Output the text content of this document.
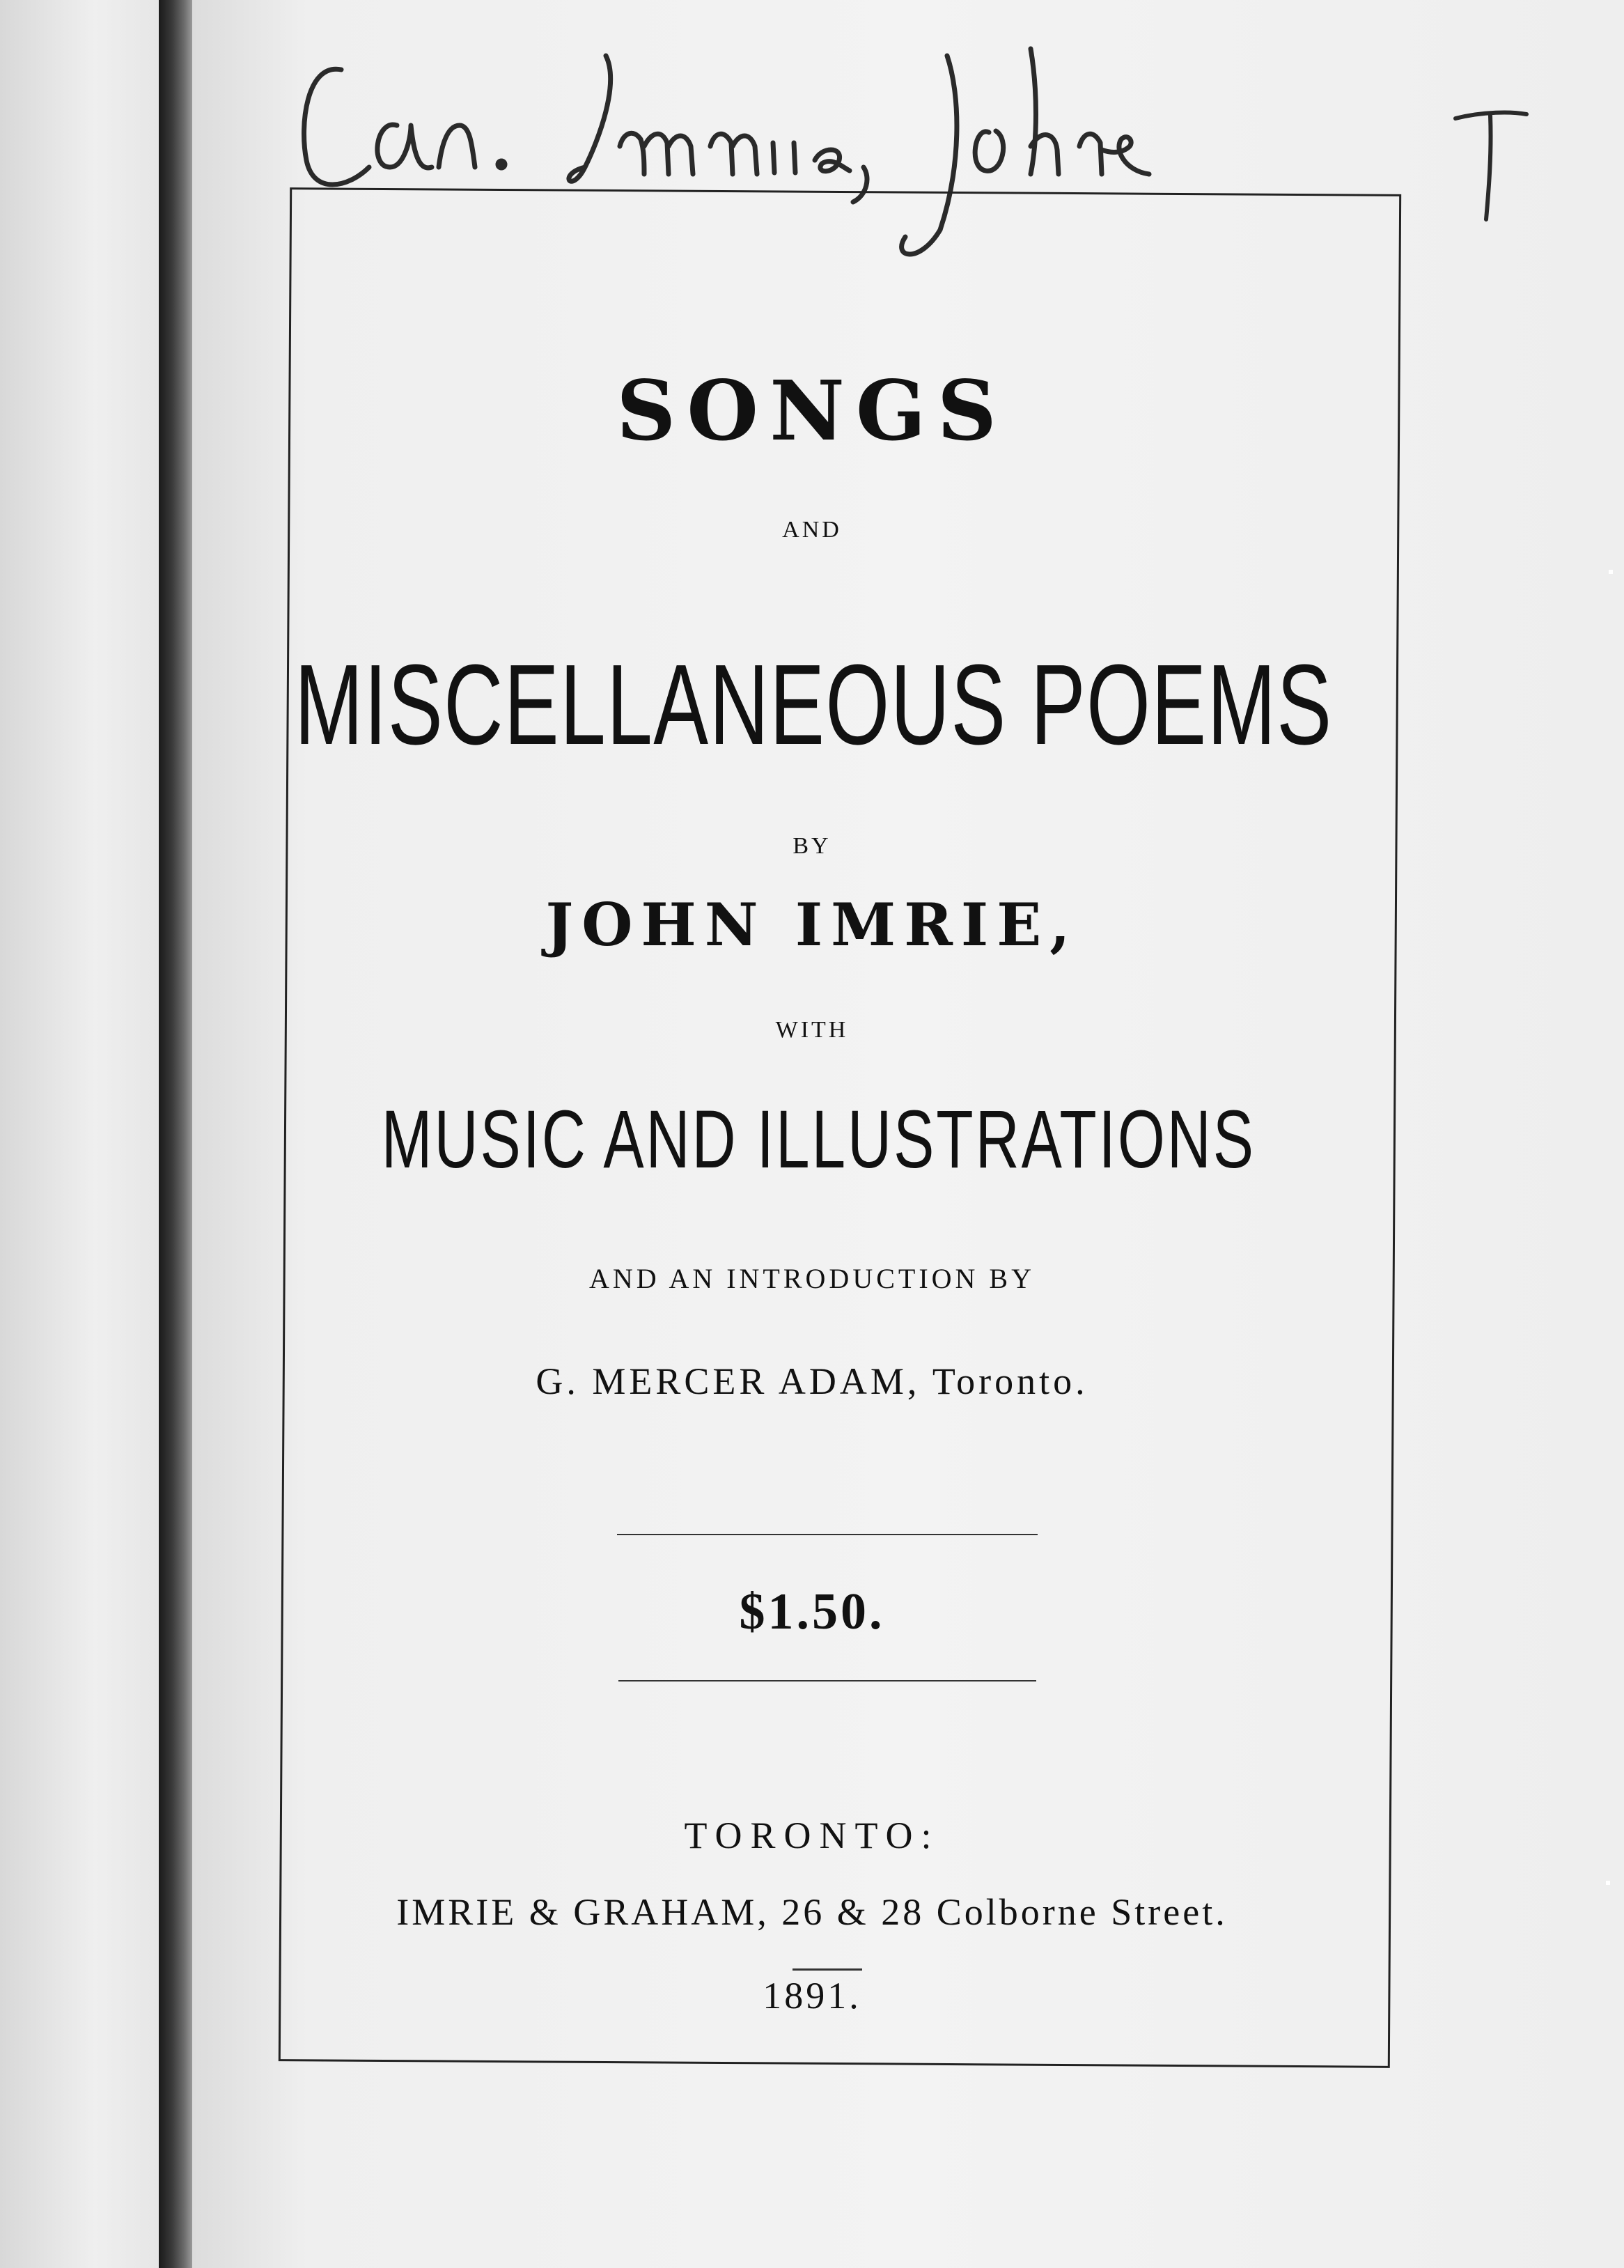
Can. Imrie, John
T
SONGS
AND
MISCELLANEOUS POEMS
BY
JOHN IMRIE,
WITH
MUSIC AND ILLUSTRATIONS
AND AN INTRODUCTION BY
G. MERCER ADAM, Toronto.
$1.50.
TORONTO:
IMRIE & GRAHAM, 26 & 28 Colborne Street.
1891.
